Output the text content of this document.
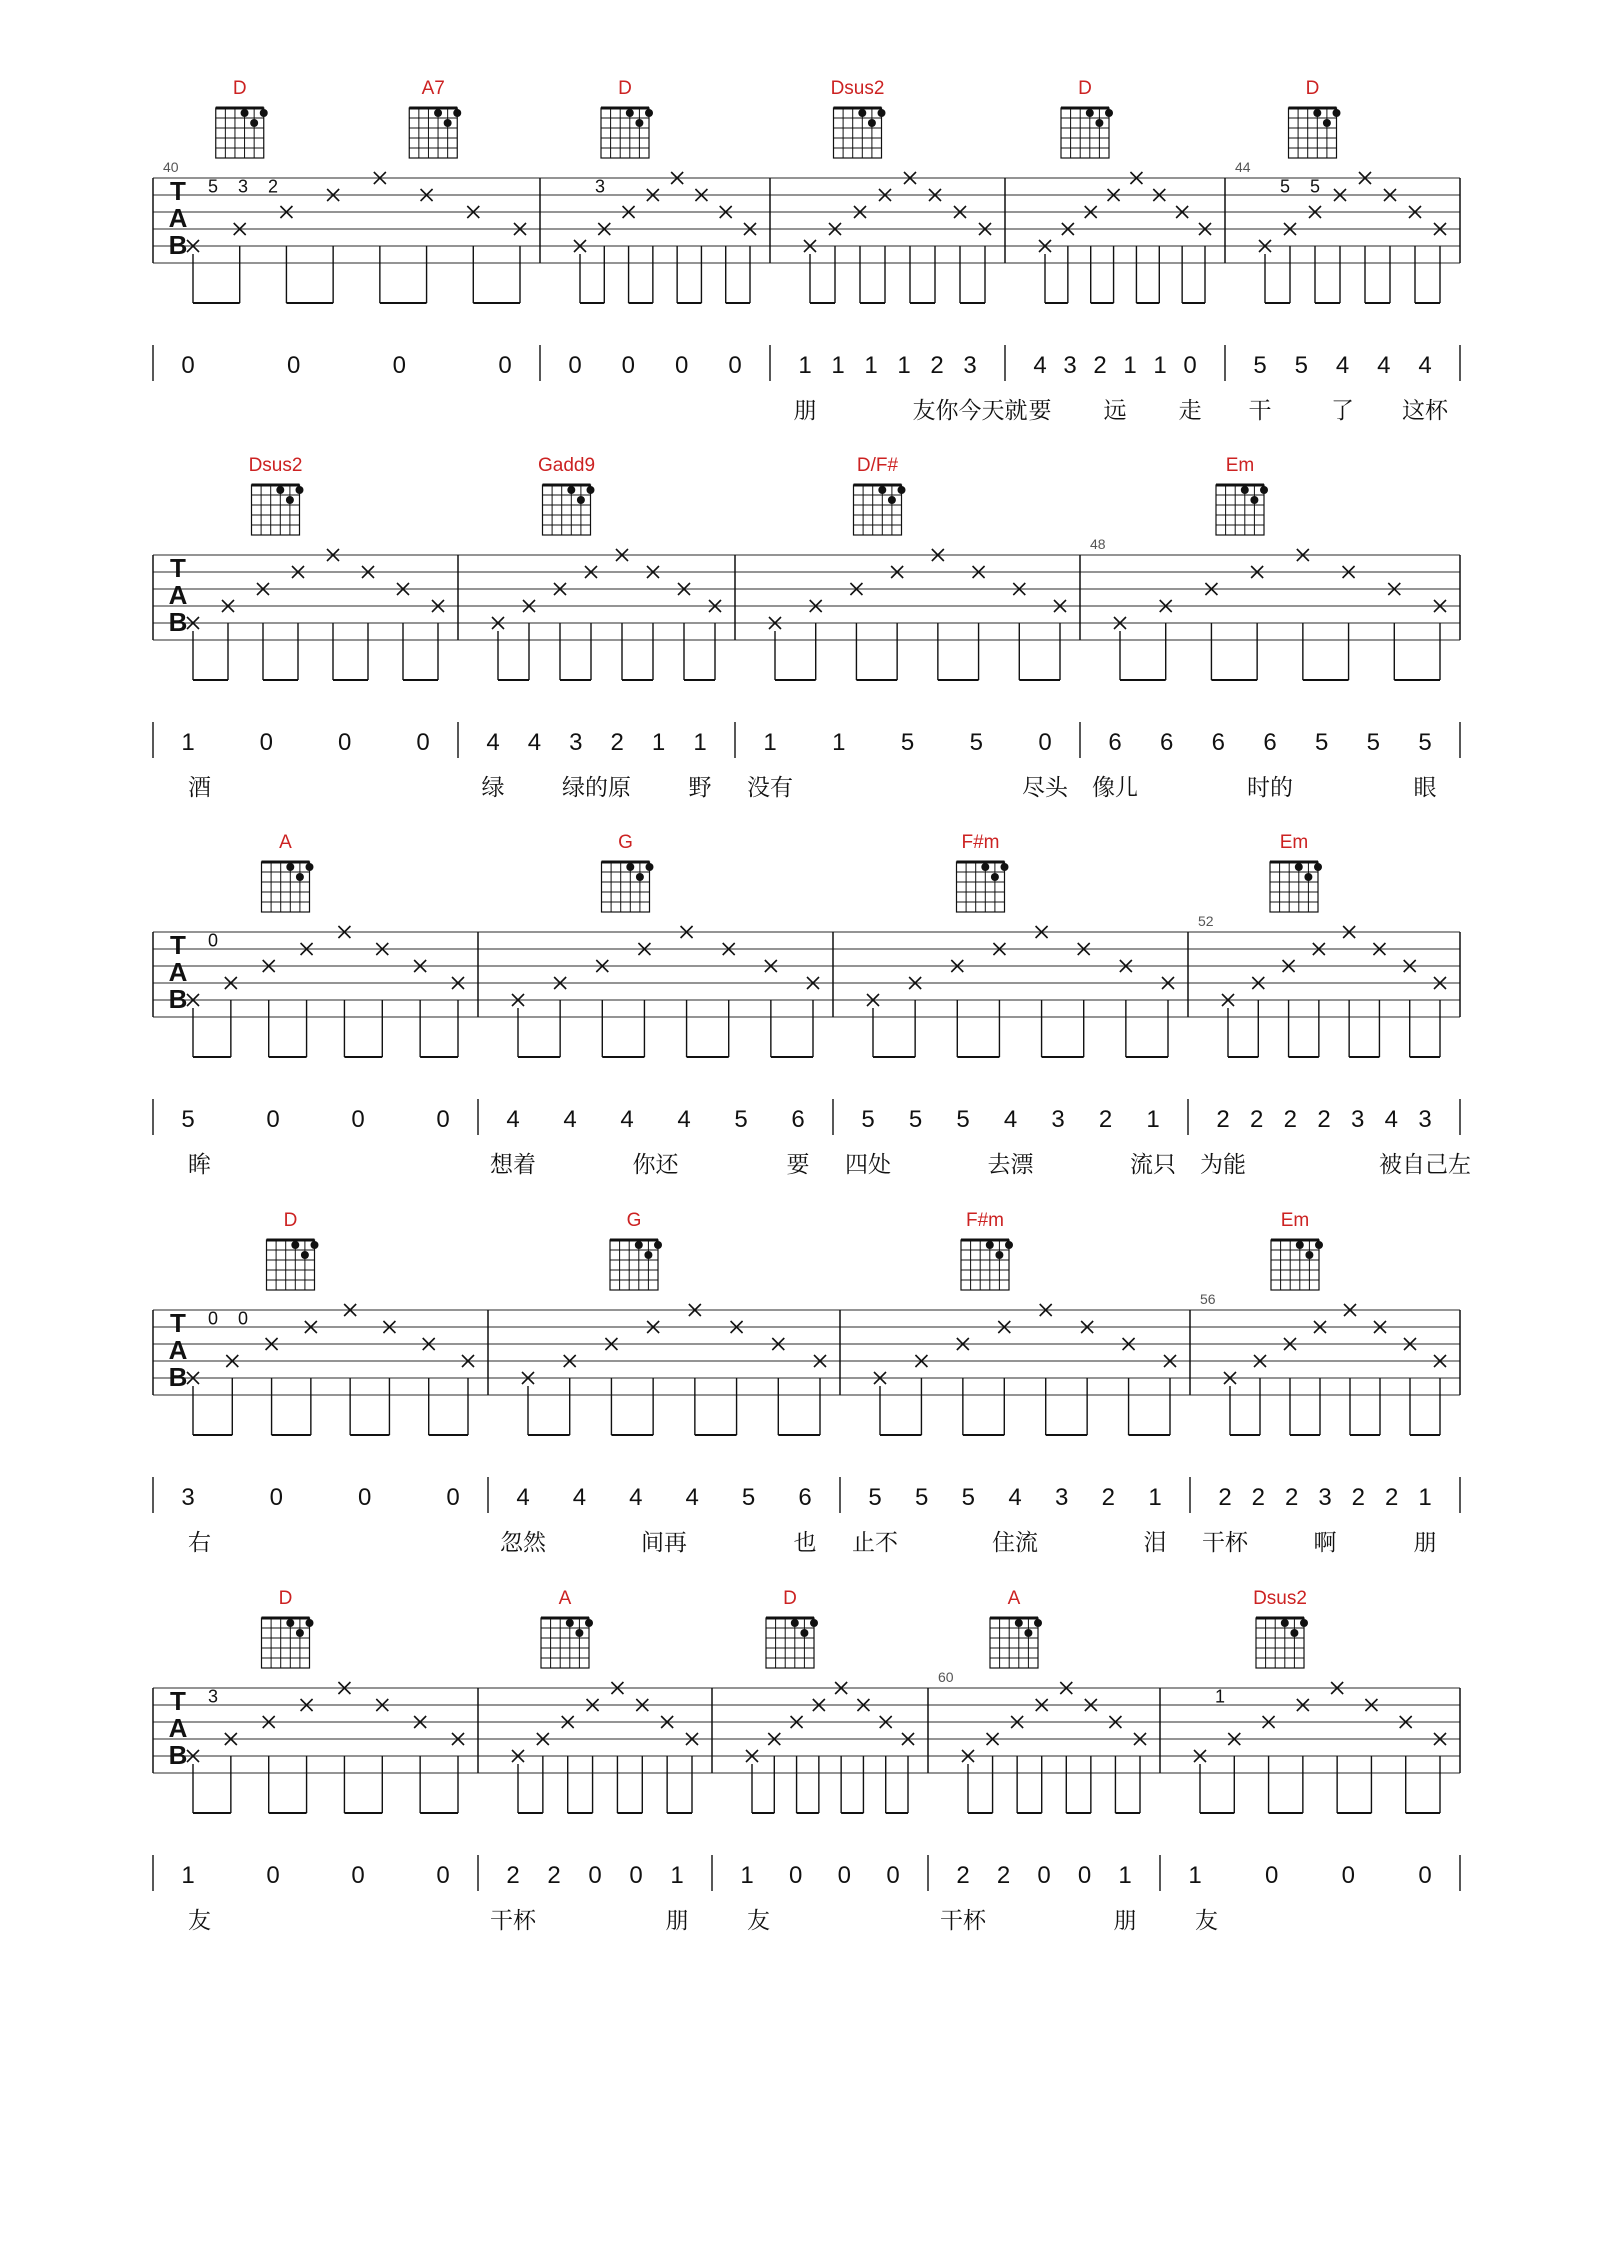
T
A
B
40
D	A7
5 3 2
0	0	0	0
D
3
0 0 0 0
Dsus2
1 1 1 1 2 3
朋	友你今天就
D
4 3 2 1 1 0
要 远 走
44
D
5 5
5 5 4 4 4
干	了 这杯
T
A
B
Dsus2
1	0	0	0
酒
Gadd9
4 4 3 2 1 1
绿	绿的原	野
D/F#
1 1 5 5 0
没有	尽头
48
Em
6 6 6 6 5 5 5
像儿	时的	眼
T
A
B
A
0
5	0	0	0
眸
G
4 4 4 4 5 6
想着	你还	要
F#m
5 5 5 4 3 2 1
四处	去漂	流只
52
Em
2 2 2 2 3 4 3
为能	被自己左
T
A
B
D
0 0
3	0	0	0
右
G
4 4 4 4 5 6
忽然	间再	也
F#m
5 5 5 4 3 2 1
止不	住流	泪
56
Em
2 2 2 3 2 2 1
干杯	啊	朋
T
A
B
D
3
1	0	0	0
友
A
2 2 0 0 1
干杯	朋
D
1 0 0 0
友
60
A
2 2 0 0 1
干杯	朋
Dsus2
1
1	0	0	0
友
